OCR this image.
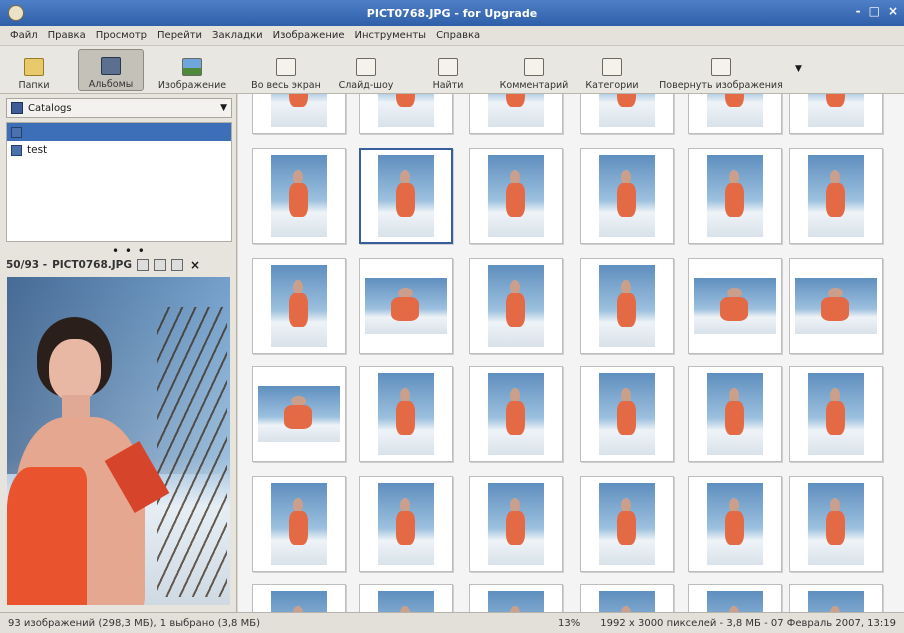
PICT0768.JPG - for Upgrade	- □ ×
Файл Правка Просмотр Перейти Закладки Изображение Инструменты Справка
Папки	Альбомы	Изображение	Во весь экран Слайд-шоу	Найти	Комментарий Категории Повернуть изображения
▼
Catalogs	▼
test
• • •
50/93 - PICT0768.JPG	×
93 изображений (298,3 МБ), 1 выбрано (3,8 МБ)	13% 1992 x 3000 пикселей - 3,8 МБ - 07 Февраль 2007, 13:19
